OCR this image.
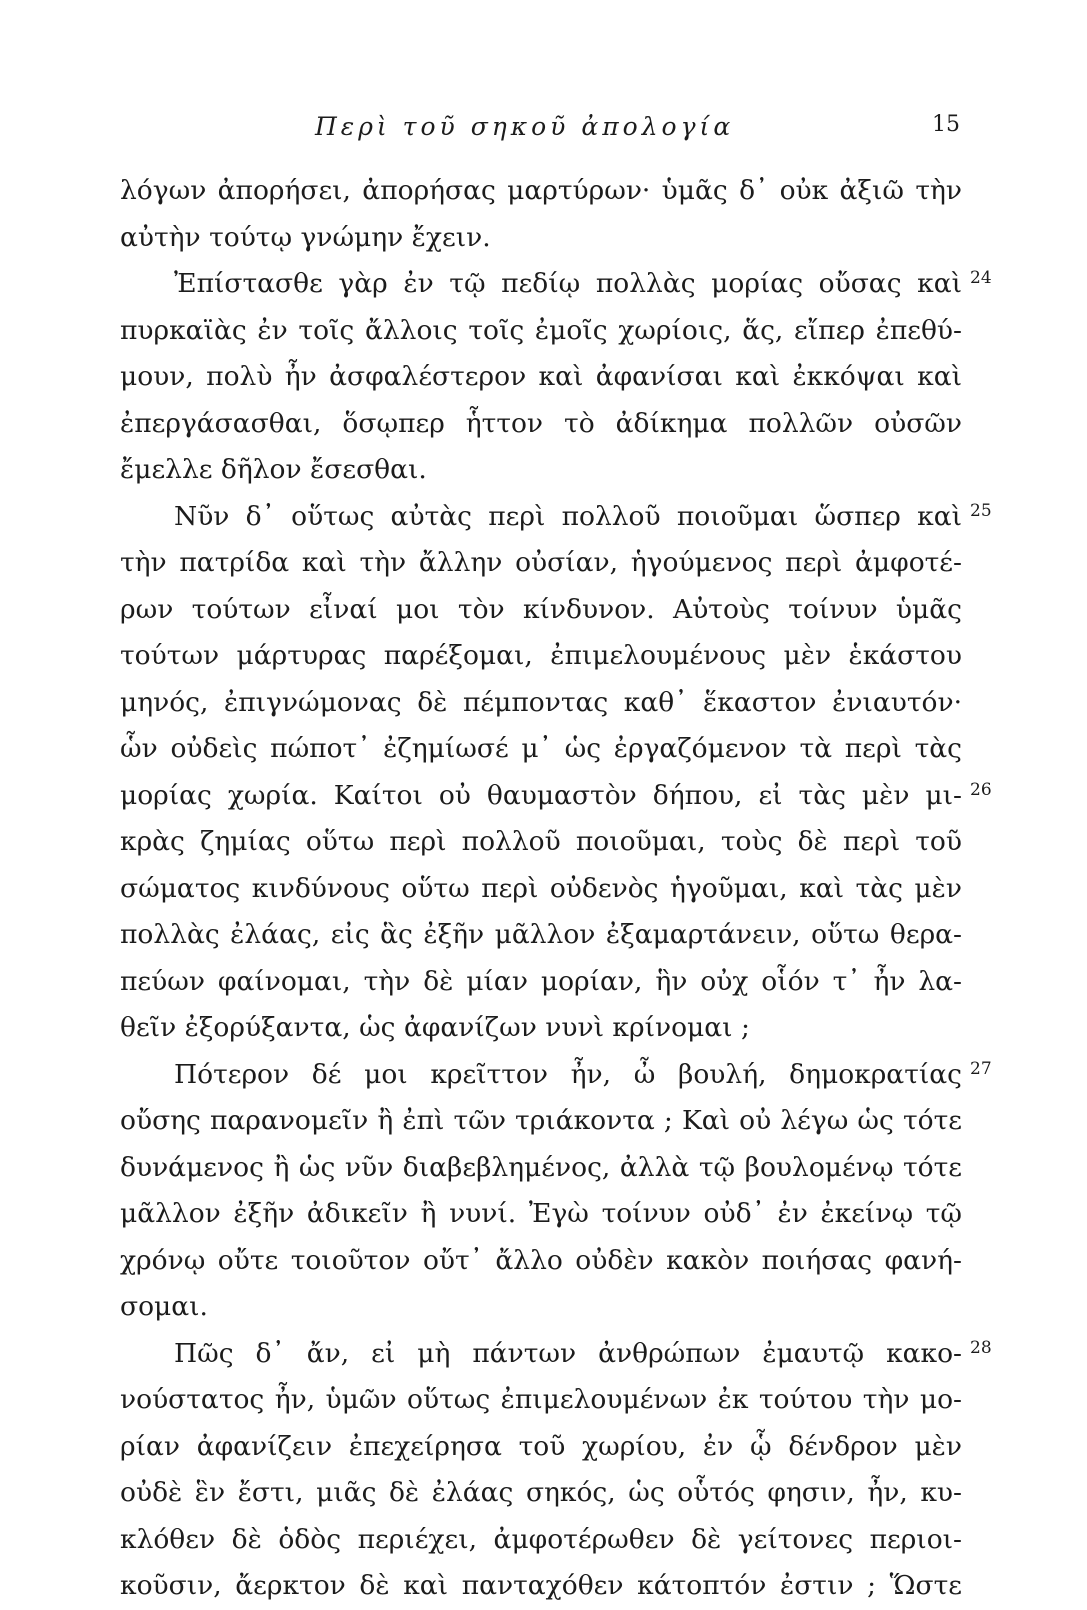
Περὶ τοῦ σηκοῦ ἀπολογία	15
λόγων ἀπορήσει, ἀπορήσας μαρτύρων· ὑμᾶς δ᾿ οὐκ ἀξιῶ τὴν
αὐτὴν τούτῳ γνώμην ἔχειν.
Ἐπίστασθε γὰρ ἐν τῷ πεδίῳ πολλὰς μορίας οὔσας καὶ 24
πυρκαϊὰς ἐν τοῖς ἄλλοις τοῖς ἐμοῖς χωρίοις, ἅς, εἴπερ ἐπεθύ-
μουν, πολὺ ἦν ἀσφαλέστερον καὶ ἀφανίσαι καὶ ἐκκόψαι καὶ
ἐπεργάσασθαι, ὅσῳπερ ἧττον τὸ ἀδίκημα πολλῶν οὐσῶν
ἔμελλε δῆλον ἔσεσθαι.
Νῦν δ᾿ οὕτως αὐτὰς περὶ πολλοῦ ποιοῦμαι ὥσπερ καὶ 25
τὴν πατρίδα καὶ τὴν ἄλλην οὐσίαν, ἡγούμενος περὶ ἀμφοτέ-
ρων τούτων εἶναί μοι τὸν κίνδυνον. Αὐτοὺς τοίνυν ὑμᾶς
τούτων μάρτυρας παρέξομαι, ἐπιμελουμένους μὲν ἑκάστου
μηνός, ἐπιγνώμονας δὲ πέμποντας καθ᾿ ἕκαστον ἐνιαυτόν·
ὧν οὐδεὶς πώποτ᾿ ἐζημίωσέ μ᾿ ὡς ἐργαζόμενον τὰ περὶ τὰς
μορίας χωρία. Καίτοι οὐ θαυμαστὸν δήπου, εἰ τὰς μὲν μι- 26
κρὰς ζημίας οὕτω περὶ πολλοῦ ποιοῦμαι, τοὺς δὲ περὶ τοῦ
σώματος κινδύνους οὕτω περὶ οὐδενὸς ἡγοῦμαι, καὶ τὰς μὲν
πολλὰς ἐλάας, εἰς ἃς ἐξῆν μᾶλλον ἐξαμαρτάνειν, οὕτω θερα-
πεύων φαίνομαι, τὴν δὲ μίαν μορίαν, ἣν οὐχ οἷόν τ᾿ ἦν λα-
θεῖν ἐξορύξαντα, ὡς ἀφανίζων νυνὶ κρίνομαι ;
Πότερον δέ μοι κρεῖττον ἦν, ὦ βουλή, δημοκρατίας 27
οὔσης παρανομεῖν ἢ ἐπὶ τῶν τριάκοντα ; Καὶ οὐ λέγω ὡς τότε
δυνάμενος ἢ ὡς νῦν διαβεβλημένος, ἀλλὰ τῷ βουλομένῳ τότε
μᾶλλον ἐξῆν ἀδικεῖν ἢ νυνί. Ἐγὼ τοίνυν οὐδ᾿ ἐν ἐκείνῳ τῷ
χρόνῳ οὔτε τοιοῦτον οὔτ᾿ ἄλλο οὐδὲν κακὸν ποιήσας φανή-
σομαι.
Πῶς δ᾿ ἄν, εἰ μὴ πάντων ἀνθρώπων ἐμαυτῷ κακο- 28
νούστατος ἦν, ὑμῶν οὕτως ἐπιμελουμένων ἐκ τούτου τὴν μο-
ρίαν ἀφανίζειν ἐπεχείρησα τοῦ χωρίου, ἐν ᾧ δένδρον μὲν
οὐδὲ ἓν ἔστι, μιᾶς δὲ ἐλάας σηκός, ὡς οὗτός φησιν, ἦν, κυ-
κλόθεν δὲ ὁδὸς περιέχει, ἀμφοτέρωθεν δὲ γείτονες περιοι-
κοῦσιν, ἄερκτον δὲ καὶ πανταχόθεν κάτοπτόν ἐστιν ; Ὥστε
